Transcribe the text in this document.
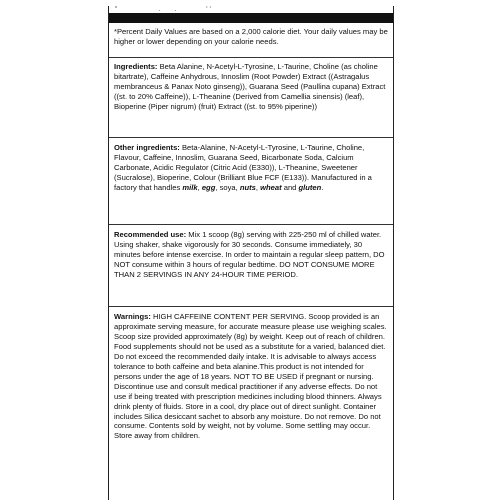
“          .   .       ‘‘

*Percent Daily Values are based on a 2,000 calorie diet. Your daily values may be higher or lower depending on your calorie needs.

Ingredients: Beta Alanine, N-Acetyl-L-Tyrosine, L-Taurine, Choline (as choline bitartrate), Caffeine Anhydrous, Innoslim (Root Powder) Extract ((Astragalus membranceus & Panax Noto ginseng)), Guarana Seed (Paullina cupana) Extract ((st. to 20% Caffeine)), L-Theanine (Derived from Camellia sinensis) (leaf), Bioperine (Piper nigrum) (fruit) Extract ((st. to 95% piperine))

Other ingredients: Beta-Alanine, N-Acetyl-L-Tyrosine, L-Taurine, Choline, Flavour, Caffeine, Innoslim, Guarana Seed, Bicarbonate Soda, Calcium Carbonate, Acidic Regulator (Citric Acid (E330)), L-Theanine, Sweetener (Sucralose), Bioperine, Colour (Brilliant Blue FCF (E133)). Manufactured in a factory that handles milk, egg, soya, nuts, wheat and gluten.

Recommended use: Mix 1 scoop (8g) serving with 225-250 ml of chilled water. Using shaker, shake vigorously for 30 seconds. Consume immediately, 30 minutes before intense exercise. In order to maintain a regular sleep pattern, DO NOT consume within 3 hours of regular bedtime. DO NOT CONSUME MORE THAN 2 SERVINGS IN ANY 24-HOUR TIME PERIOD.

Warnings: HIGH CAFFEINE CONTENT PER SERVING. Scoop provided is an approximate serving measure, for accurate measure please use weighing scales. Scoop size provided approximately (8g) by weight. Keep out of reach of children. Food supplements should not be used as a substitute for a varied, balanced diet. Do not exceed the recommended daily intake. It is advisable to always access tolerance to both caffeine and beta alanine.This product is not intended for persons under the age of 18 years. NOT TO BE USED if pregnant or nursing. Discontinue use and consult medical practitioner if any adverse effects. Do not use if being treated with prescription medicines including blood thinners. Always drink plenty of fluids. Store in a cool, dry place out of direct sunlight. Container includes Silica desiccant sachet to absorb any moisture. Do not remove. Do not consume. Contents sold by weight, not by volume. Some settling may occur. Store away from children.
